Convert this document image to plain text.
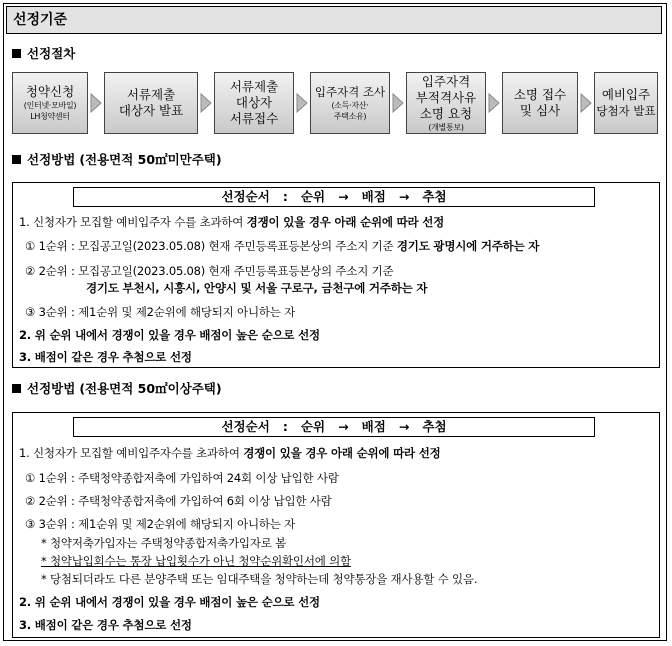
선정기준
선정절차
청약신청
(인터넷·모바일)
LH청약센터
서류제출
대상자 발표
서류제출
대상자
서류접수
입주자격 조사
(소득·자산·
주택소유)
입주자격
부적격사유
소명 요청
(개별통보)
소명 접수
및 심사
예비입주
당첨자 발표
선정방법 (전용면적 50㎡미만주택)
선정순서   :   순위   →   배점   →   추첨
1. 신청자가 모집할 예비입주자 수를 초과하여 경쟁이 있을 경우 아래 순위에 따라 선정
① 1순위 : 모집공고일(2023.05.08) 현재 주민등록표등본상의 주소지 기준 경기도 광명시에 거주하는 자
② 2순위 : 모집공고일(2023.05.08) 현재 주민등록표등본상의 주소지 기준
경기도 부천시, 시흥시, 안양시 및 서울 구로구, 금천구에 거주하는 자
③ 3순위 : 제1순위 및 제2순위에 해당되지 아니하는 자
2. 위 순위 내에서 경쟁이 있을 경우 배점이 높은 순으로 선정
3. 배점이 같은 경우 추첨으로 선정
선정방법 (전용면적 50㎡이상주택)
선정순서   :   순위   →   배점   →   추첨
1. 신청자가 모집할 예비입주자수를 초과하여 경쟁이 있을 경우 아래 순위에 따라 선정
① 1순위 : 주택청약종합저축에 가입하여 24회 이상 납입한 사람
② 2순위 : 주택청약종합저축에 가입하여 6회 이상 납입한 사람
③ 3순위 : 제1순위 및 제2순위에 해당되지 아니하는 자
* 청약저축가입자는 주택청약종합저축가입자로 봄
* 청약납입회수는 통장 납입횟수가 아닌 청약순위확인서에 의함
* 당첨되더라도 다른 분양주택 또는 임대주택을 청약하는데 청약통장을 재사용할 수 있음.
2. 위 순위 내에서 경쟁이 있을 경우 배점이 높은 순으로 선정
3. 배점이 같은 경우 추첨으로 선정
